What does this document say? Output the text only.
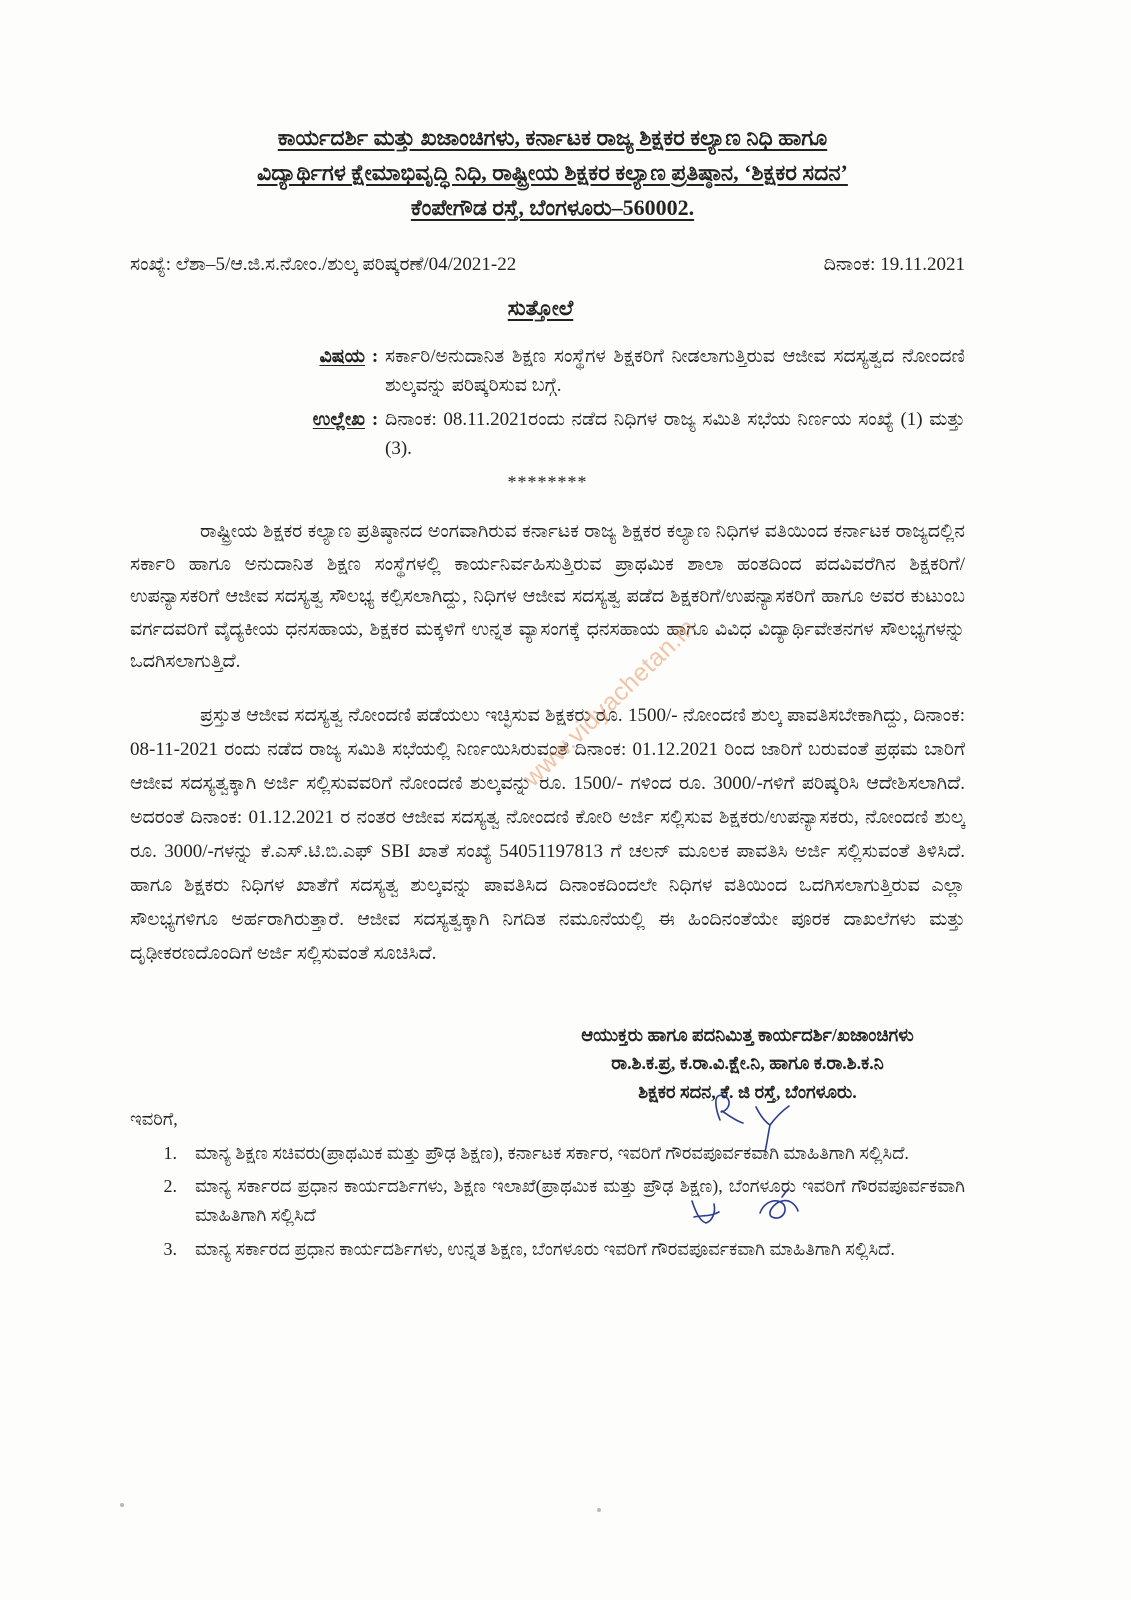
ಕಾರ್ಯದರ್ಶಿ ಮತ್ತು ಖಜಾಂಚಿಗಳು, ಕರ್ನಾಟಕ ರಾಜ್ಯ ಶಿಕ್ಷಕರ ಕಲ್ಯಾಣ ನಿಧಿ ಹಾಗೂ
ವಿದ್ಯಾರ್ಥಿಗಳ ಕ್ಷೇಮಾಭಿವೃದ್ಧಿ ನಿಧಿ, ರಾಷ್ಟ್ರೀಯ ಶಿಕ್ಷಕರ ಕಲ್ಯಾಣ ಪ್ರತಿಷ್ಠಾನ, ‘ಶಿಕ್ಷಕರ ಸದನ’
ಕೆಂಪೇಗೌಡ ರಸ್ತೆ, ಬೆಂಗಳೂರು–560002.
ಸಂಖ್ಯೆ: ಲೆಶಾ–5/ಆ.ಜಿ.ಸ.ನೋಂ./ಶುಲ್ಕ ಪರಿಷ್ಕರಣೆ/04/2021-22	ದಿನಾಂಕ: 19.11.2021
ಸುತ್ತೋಲೆ
ವಿಷಯ : ಸರ್ಕಾರಿ/ಅನುದಾನಿತ ಶಿಕ್ಷಣ ಸಂಸ್ಥೆಗಳ ಶಿಕ್ಷಕರಿಗೆ ನೀಡಲಾಗುತ್ತಿರುವ ಆಜೀವ ಸದಸ್ಯತ್ವದ ನೋಂದಣಿ ಶುಲ್ಕವನ್ನು ಪರಿಷ್ಕರಿಸುವ ಬಗ್ಗೆ.
ಉಲ್ಲೇಖ : ದಿನಾಂಕ: 08.11.2021ರಂದು ನಡೆದ ನಿಧಿಗಳ ರಾಜ್ಯ ಸಮಿತಿ ಸಭೆಯ ನಿರ್ಣಯ ಸಂಖ್ಯೆ (1) ಮತ್ತು (3).
********

ರಾಷ್ಟ್ರೀಯ ಶಿಕ್ಷಕರ ಕಲ್ಯಾಣ ಪ್ರತಿಷ್ಠಾನದ ಅಂಗವಾಗಿರುವ ಕರ್ನಾಟಕ ರಾಜ್ಯ ಶಿಕ್ಷಕರ ಕಲ್ಯಾಣ ನಿಧಿಗಳ ವತಿಯಿಂದ ಕರ್ನಾಟಕ ರಾಜ್ಯದಲ್ಲಿನ ಸರ್ಕಾರಿ ಹಾಗೂ ಅನುದಾನಿತ ಶಿಕ್ಷಣ ಸಂಸ್ಥೆಗಳಲ್ಲಿ ಕಾರ್ಯನಿರ್ವಹಿಸುತ್ತಿರುವ ಪ್ರಾಥಮಿಕ ಶಾಲಾ ಹಂತದಿಂದ ಪದವಿವರೆಗಿನ ಶಿಕ್ಷಕರಿಗೆ/ಉಪನ್ಯಾಸಕರಿಗೆ ಆಜೀವ ಸದಸ್ಯತ್ವ ಸೌಲಭ್ಯ ಕಲ್ಪಿಸಲಾಗಿದ್ದು, ನಿಧಿಗಳ ಆಜೀವ ಸದಸ್ಯತ್ವ ಪಡೆದ ಶಿಕ್ಷಕರಿಗೆ/ಉಪನ್ಯಾಸಕರಿಗೆ ಹಾಗೂ ಅವರ ಕುಟುಂಬ ವರ್ಗದವರಿಗೆ ವೈದ್ಯಕೀಯ ಧನಸಹಾಯ, ಶಿಕ್ಷಕರ ಮಕ್ಕಳಿಗೆ ಉನ್ನತ ವ್ಯಾಸಂಗಕ್ಕೆ ಧನಸಹಾಯ ಹಾಗೂ ವಿವಿಧ ವಿದ್ಯಾರ್ಥಿವೇತನಗಳ ಸೌಲಭ್ಯಗಳನ್ನು ಒದಗಿಸಲಾಗುತ್ತಿದೆ.

ಪ್ರಸ್ತುತ ಆಜೀವ ಸದಸ್ಯತ್ವ ನೋಂದಣಿ ಪಡೆಯಲು ಇಚ್ಛಿಸುವ ಶಿಕ್ಷಕರು ರೂ. 1500/- ನೋಂದಣಿ ಶುಲ್ಕ ಪಾವತಿಸಬೇಕಾಗಿದ್ದು, ದಿನಾಂಕ: 08-11-2021 ರಂದು ನಡೆದ ರಾಜ್ಯ ಸಮಿತಿ ಸಭೆಯಲ್ಲಿ ನಿರ್ಣಯಿಸಿರುವಂತೆ ದಿನಾಂಕ: 01.12.2021 ರಿಂದ ಜಾರಿಗೆ ಬರುವಂತೆ ಪ್ರಥಮ ಬಾರಿಗೆ ಆಜೀವ ಸದಸ್ಯತ್ವಕ್ಕಾಗಿ ಅರ್ಜಿ ಸಲ್ಲಿಸುವವರಿಗೆ ನೋಂದಣಿ ಶುಲ್ಕವನ್ನು ರೂ. 1500/- ಗಳಿಂದ ರೂ. 3000/-ಗಳಿಗೆ ಪರಿಷ್ಕರಿಸಿ ಆದೇಶಿಸಲಾಗಿದೆ. ಅದರಂತೆ ದಿನಾಂಕ: 01.12.2021 ರ ನಂತರ ಆಜೀವ ಸದಸ್ಯತ್ವ ನೋಂದಣಿ ಕೋರಿ ಅರ್ಜಿ ಸಲ್ಲಿಸುವ ಶಿಕ್ಷಕರು/ಉಪನ್ಯಾಸಕರು, ನೋಂದಣಿ ಶುಲ್ಕ ರೂ. 3000/-ಗಳನ್ನು ಕೆ.ಎಸ್.ಟಿ.ಬಿ.ಎಫ್ SBI ಖಾತೆ ಸಂಖ್ಯೆ 54051197813 ಗೆ ಚಲನ್ ಮೂಲಕ ಪಾವತಿಸಿ ಅರ್ಜಿ ಸಲ್ಲಿಸುವಂತೆ ತಿಳಿಸಿದೆ. ಹಾಗೂ ಶಿಕ್ಷಕರು ನಿಧಿಗಳ ಖಾತೆಗೆ ಸದಸ್ಯತ್ವ ಶುಲ್ಕವನ್ನು ಪಾವತಿಸಿದ ದಿನಾಂಕದಿಂದಲೇ ನಿಧಿಗಳ ವತಿಯಿಂದ ಒದಗಿಸಲಾಗುತ್ತಿರುವ ಎಲ್ಲಾ ಸೌಲಭ್ಯಗಳಿಗೂ ಅರ್ಹರಾಗಿರುತ್ತಾರೆ. ಆಜೀವ ಸದಸ್ಯತ್ವಕ್ಕಾಗಿ ನಿಗದಿತ ನಮೂನೆಯಲ್ಲಿ ಈ ಹಿಂದಿನಂತೆಯೇ ಪೂರಕ ದಾಖಲೆಗಳು ಮತ್ತು ದೃಢೀಕರಣದೊಂದಿಗೆ ಅರ್ಜಿ ಸಲ್ಲಿಸುವಂತೆ ಸೂಚಿಸಿದೆ.

ಆಯುಕ್ತರು ಹಾಗೂ ಪದನಿಮಿತ್ತ ಕಾರ್ಯದರ್ಶಿ/ಖಜಾಂಚಿಗಳು
ರಾ.ಶಿ.ಕ.ಪ್ರ, ಕ.ರಾ.ವಿ.ಕ್ಷೇ.ನಿ, ಹಾಗೂ ಕ.ರಾ.ಶಿ.ಕ.ನಿ
ಶಿಕ್ಷಕರ ಸದನ, ಕೆ. ಜಿ ರಸ್ತೆ, ಬೆಂಗಳೂರು.
ಇವರಿಗೆ,
1.	ಮಾನ್ಯ ಶಿಕ್ಷಣ ಸಚಿವರು(ಪ್ರಾಥಮಿಕ ಮತ್ತು ಪ್ರೌಢ ಶಿಕ್ಷಣ), ಕರ್ನಾಟಕ ಸರ್ಕಾರ, ಇವರಿಗೆ ಗೌರವಪೂರ್ವಕವಾಗಿ ಮಾಹಿತಿಗಾಗಿ ಸಲ್ಲಿಸಿದೆ.
2.	ಮಾನ್ಯ ಸರ್ಕಾರದ ಪ್ರಧಾನ ಕಾರ್ಯದರ್ಶಿಗಳು, ಶಿಕ್ಷಣ ಇಲಾಖೆ(ಪ್ರಾಥಮಿಕ ಮತ್ತು ಪ್ರೌಢ ಶಿಕ್ಷಣ), ಬೆಂಗಳೂರು ಇವರಿಗೆ ಗೌರವಪೂರ್ವಕವಾಗಿ ಮಾಹಿತಿಗಾಗಿ ಸಲ್ಲಿಸಿದೆ
3.	ಮಾನ್ಯ ಸರ್ಕಾರದ ಪ್ರಧಾನ ಕಾರ್ಯದರ್ಶಿಗಳು, ಉನ್ನತ ಶಿಕ್ಷಣ, ಬೆಂಗಳೂರು ಇವರಿಗೆ ಗೌರವಪೂರ್ವಕವಾಗಿ ಮಾಹಿತಿಗಾಗಿ ಸಲ್ಲಿಸಿದೆ.
www.vidyachetan.in
